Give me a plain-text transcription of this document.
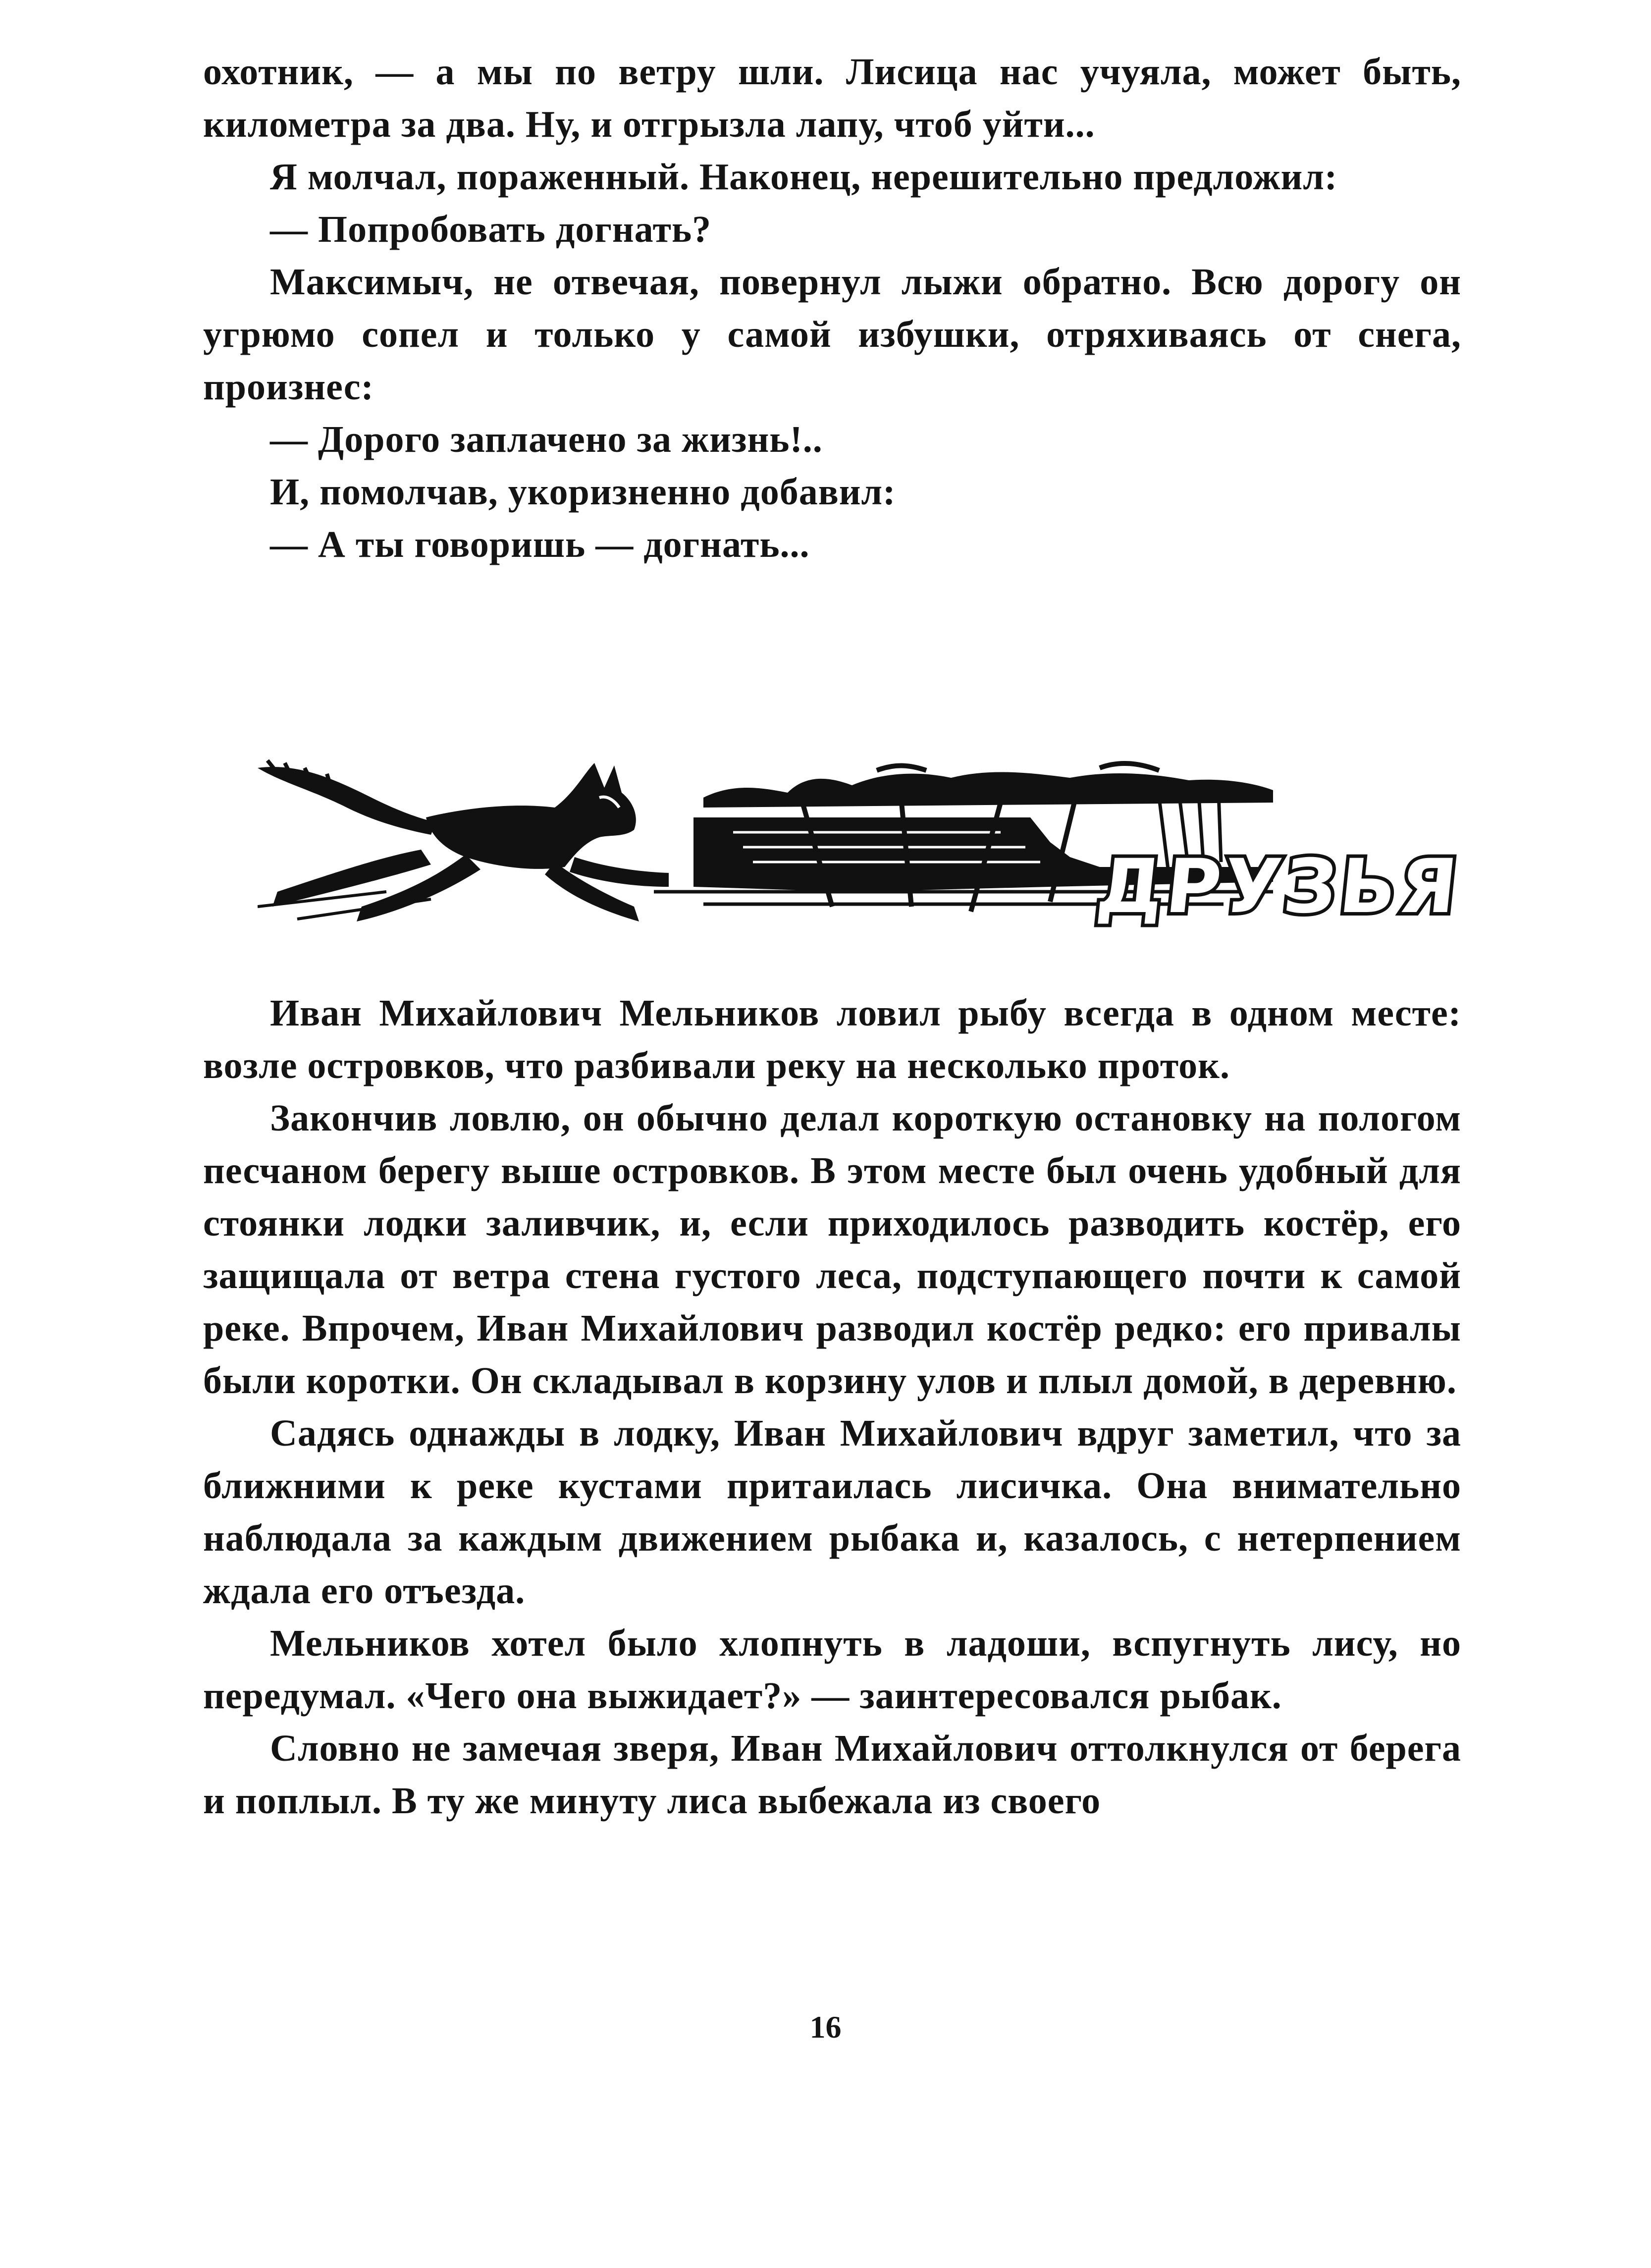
охотник, — а мы по ветру шли. Лисица нас учуяла, может быть, километра за два. Ну, и отгрызла лапу, чтоб уйти...

Я молчал, пораженный. Наконец, нерешительно предложил:

— Попробовать догнать?

Максимыч, не отвечая, повернул лыжи обратно. Всю дорогу он угрюмо сопел и только у самой избушки, отряхиваясь от снега, произнес:

— Дорого заплачено за жизнь!..

И, помолчав, укоризненно добавил:

— А ты говоришь — догнать...

ДРУЗЬЯ

Иван Михайлович Мельников ловил рыбу всегда в одном месте: возле островков, что разбивали реку на несколько проток.

Закончив ловлю, он обычно делал короткую остановку на пологом песчаном берегу выше островков. В этом месте был очень удобный для стоянки лодки заливчик, и, если приходилось разводить костёр, его защищала от ветра стена густого леса, подступающего почти к самой реке. Впрочем, Иван Михайлович разводил костёр редко: его привалы были коротки. Он складывал в корзину улов и плыл домой, в деревню.

Садясь однажды в лодку, Иван Михайлович вдруг заметил, что за ближними к реке кустами притаилась лисичка. Она внимательно наблюдала за каждым движением рыбака и, казалось, с нетерпением ждала его отъезда.

Мельников хотел было хлопнуть в ладоши, вспугнуть лису, но передумал. «Чего она выжидает?» — заинтересовался рыбак.

Словно не замечая зверя, Иван Михайлович оттолкнулся от берега и поплыл. В ту же минуту лиса выбежала из своего

16
